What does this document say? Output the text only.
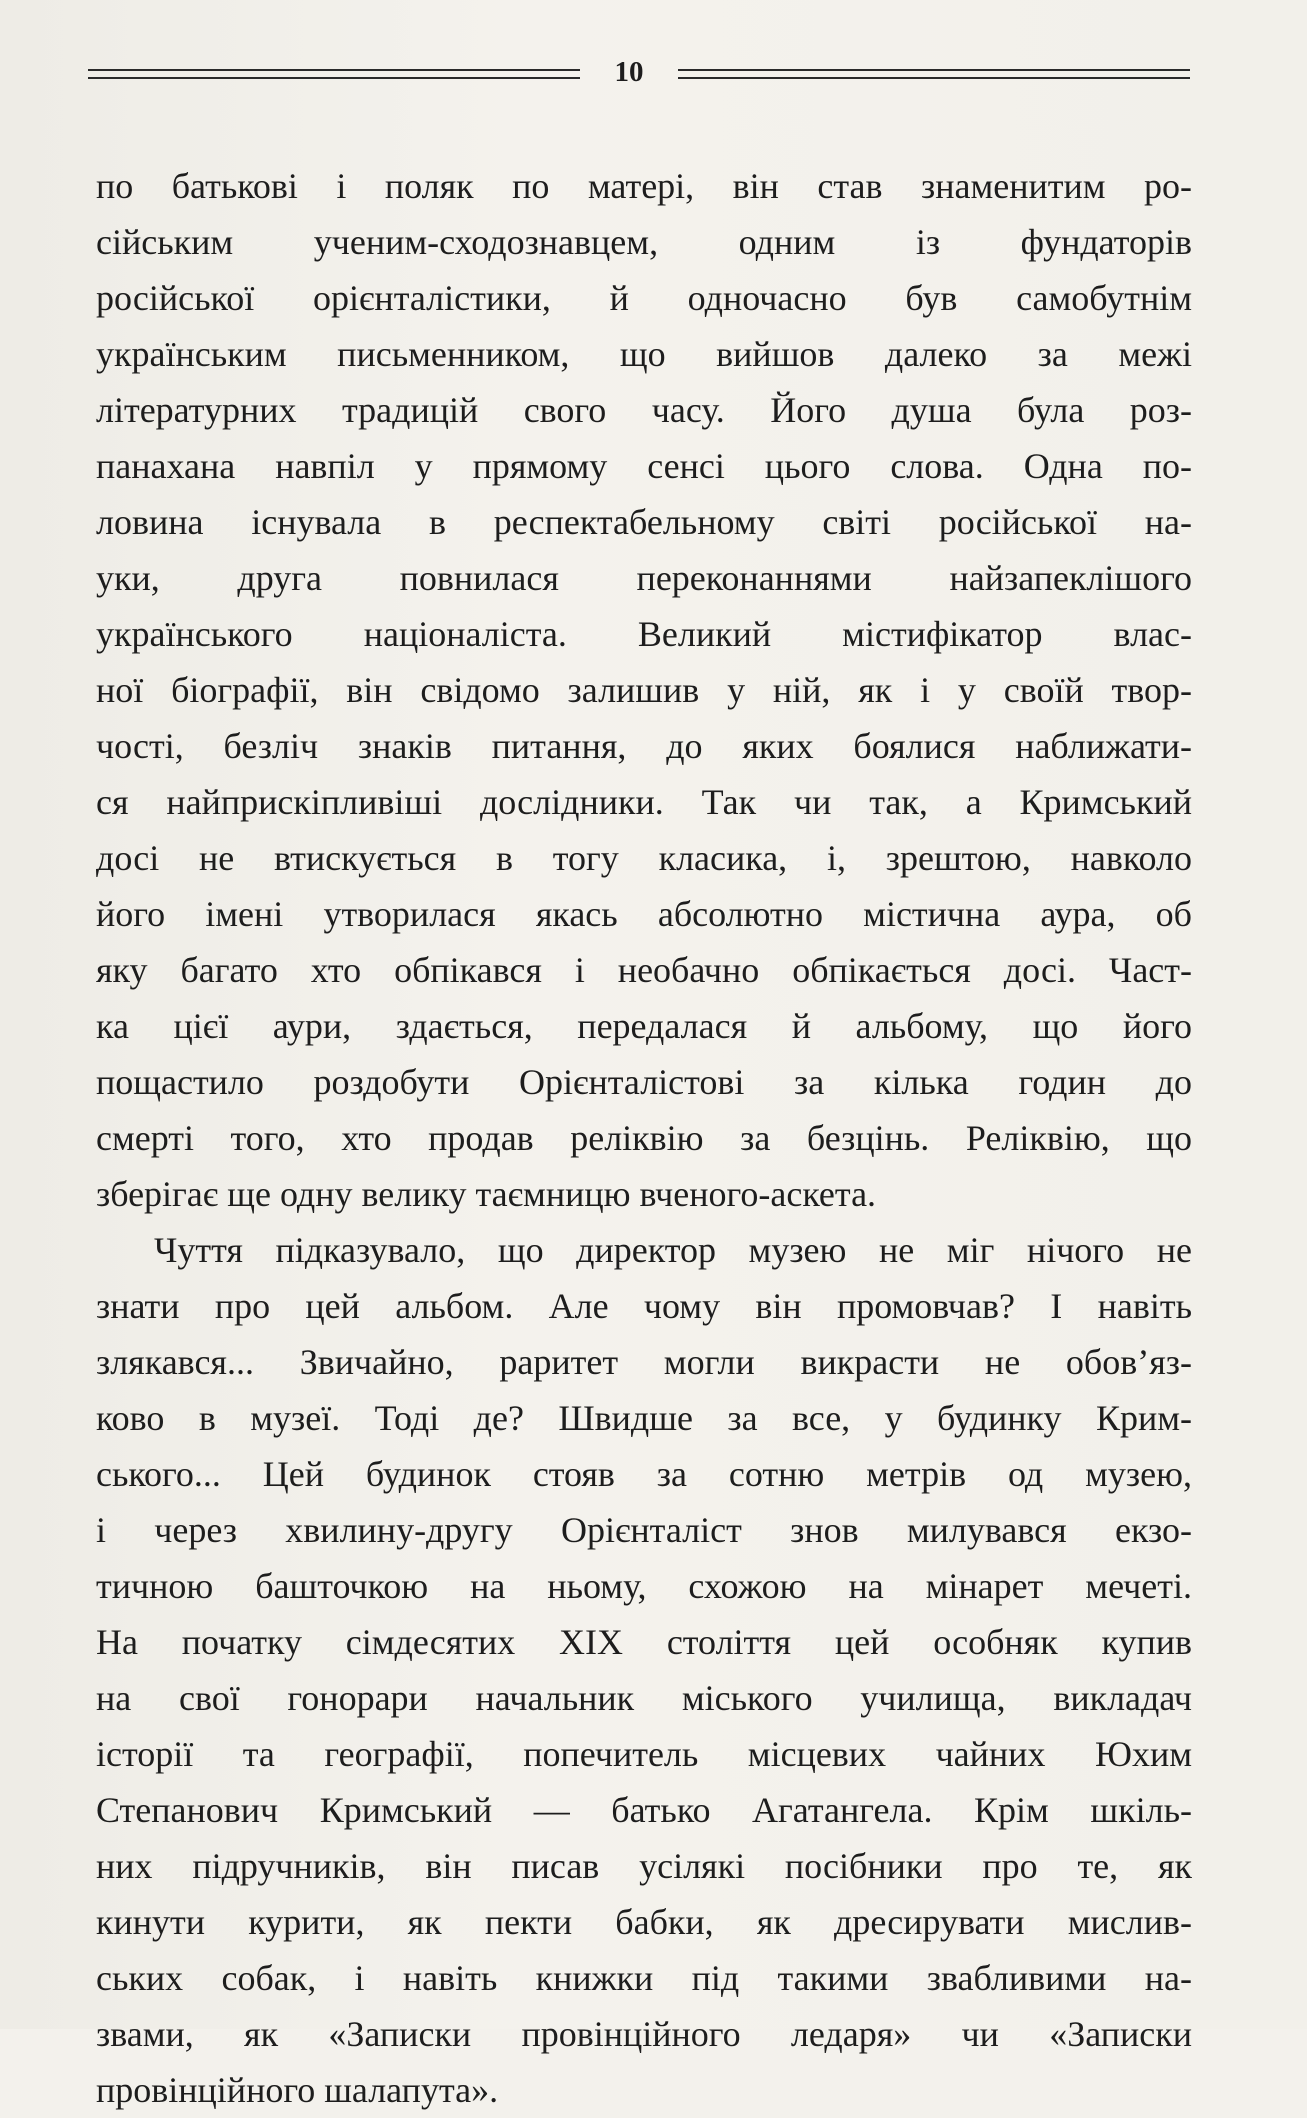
10
по батькові і поляк по матері, він став знаменитим ро-
сійським ученим-сходознавцем, одним із фундаторів
російської орієнталістики, й одночасно був самобутнім
українським письменником, що вийшов далеко за межі
літературних традицій свого часу. Його душа була роз-
панахана навпіл у прямому сенсі цього слова. Одна по-
ловина існувала в респектабельному світі російської на-
уки, друга повнилася переконаннями найзапеклішого
українського націоналіста. Великий містифікатор влас-
ної біографії, він свідомо залишив у ній, як і у своїй твор-
чості, безліч знаків питання, до яких боялися наближати-
ся найприскіпливіші дослідники. Так чи так, а Кримський
досі не втискується в тогу класика, і, зрештою, навколо
його імені утворилася якась абсолютно містична аура, об
яку багато хто обпікався і необачно обпікається досі. Част-
ка цієї аури, здається, передалася й альбому, що його
пощастило роздобути Орієнталістові за кілька годин до
смерті того, хто продав реліквію за безцінь. Реліквію, що
зберігає ще одну велику таємницю вченого-аскета.
Чуття підказувало, що директор музею не міг нічого не
знати про цей альбом. Але чому він промовчав? І навіть
злякався... Звичайно, раритет могли викрасти не обов’яз-
ково в музеї. Тоді де? Швидше за все, у будинку Крим-
ського... Цей будинок стояв за сотню метрів од музею,
і через хвилину-другу Орієнталіст знов милувався екзо-
тичною башточкою на ньому, схожою на мінарет мечеті.
На початку сімдесятих XIX століття цей особняк купив
на свої гонорари начальник міського училища, викладач
історії та географії, попечитель місцевих чайних Юхим
Степанович Кримський — батько Агатангела. Крім шкіль-
них підручників, він писав усілякі посібники про те, як
кинути курити, як пекти бабки, як дресирувати мислив-
ських собак, і навіть книжки під такими звабливими на-
звами, як «Записки провінційного ледаря» чи «Записки
провінційного шалапута».
